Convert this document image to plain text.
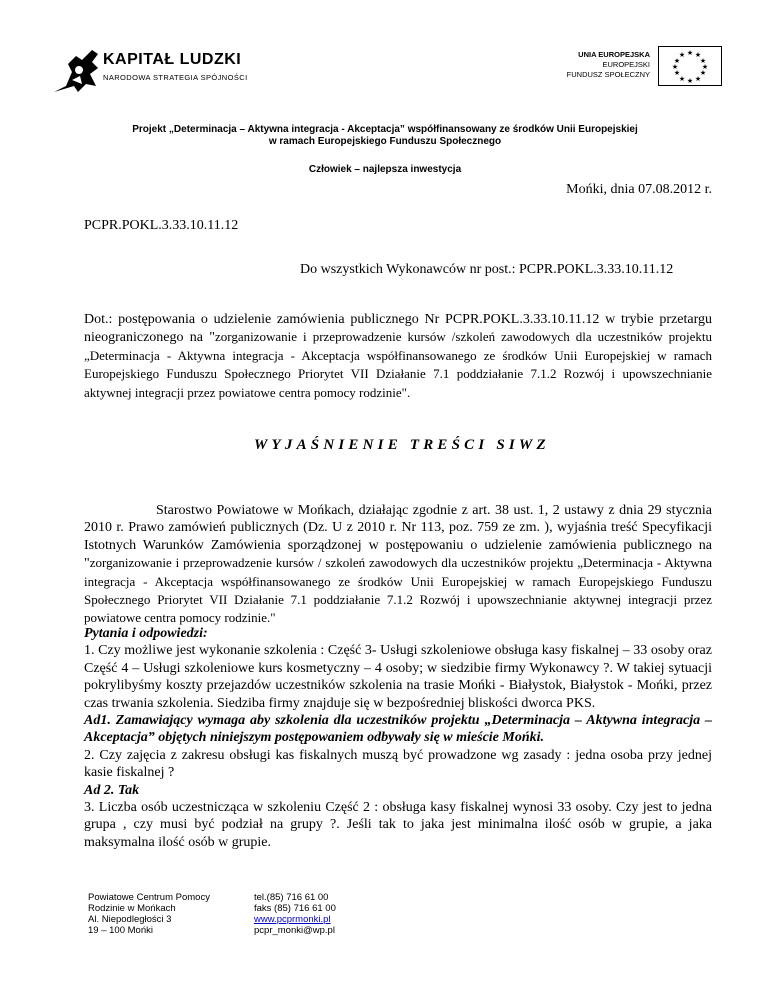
KAPITAŁ LUDZKI
NARODOWA STRATEGIA SPÓJNOŚCI
UNIA EUROPEJSKA
EUROPEJSKI
FUNDUSZ SPOŁECZNY
★ ★
★
★
★
★
★
★
★
★
★
★
Projekt „Determinacja – Aktywna integracja - Akceptacja” współfinansowany ze środków Unii Europejskiej
w ramach Europejskiego Funduszu Społecznego
Człowiek – najlepsza inwestycja
Mońki, dnia 07.08.2012 r.
PCPR.POKL.3.33.10.11.12
Do wszystkich Wykonawców nr post.: PCPR.POKL.3.33.10.11.12
Dot.: postępowania o udzielenie zamówienia publicznego Nr PCPR.POKL.3.33.10.11.12 w trybie przetargu nieograniczonego na "zorganizowanie i przeprowadzenie kursów /szkoleń zawodowych dla uczestników projektu „Determinacja - Aktywna integracja - Akceptacja współfinansowanego ze środków Unii Europejskiej w ramach Europejskiego Funduszu Społecznego Priorytet VII Działanie 7.1 poddziałanie 7.1.2 Rozwój i upowszechnianie aktywnej integracji przez powiatowe centra pomocy rodzinie".
WYJAŚNIENIE TREŚCI SIWZ
Starostwo Powiatowe w Mońkach, działając zgodnie z art. 38 ust. 1, 2 ustawy z dnia 29 stycznia 2010 r. Prawo zamówień publicznych (Dz. U z 2010 r. Nr 113, poz. 759 ze zm. ), wyjaśnia treść Specyfikacji Istotnych Warunków Zamówienia sporządzonej w postępowaniu o udzielenie zamówienia publicznego na "zorganizowanie i przeprowadzenie kursów / szkoleń zawodowych dla uczestników projektu „Determinacja - Aktywna integracja - Akceptacja współfinansowanego ze środków Unii Europejskiej w ramach Europejskiego Funduszu Społecznego Priorytet VII Działanie 7.1 poddziałanie 7.1.2 Rozwój i upowszechnianie aktywnej integracji przez powiatowe centra pomocy rodzinie."
Pytania i odpowiedzi:
1. Czy możliwe jest wykonanie szkolenia : Część 3- Usługi szkoleniowe obsługa kasy fiskalnej – 33 osoby oraz Część 4 – Usługi szkoleniowe kurs kosmetyczny – 4 osoby; w siedzibie firmy Wykonawcy ?. W takiej sytuacji pokrylibyśmy koszty przejazdów uczestników szkolenia na trasie Mońki - Białystok, Białystok - Mońki, przez czas trwania szkolenia. Siedziba firmy znajduje się w bezpośredniej bliskości dworca PKS.
Ad1. Zamawiający wymaga aby szkolenia dla uczestników projektu „Determinacja – Aktywna integracja – Akceptacja” objętych niniejszym postępowaniem odbywały się w mieście Mońki.
2. Czy zajęcia z zakresu obsługi kas fiskalnych muszą być prowadzone wg zasady : jedna osoba przy jednej kasie fiskalnej ?
Ad 2. Tak
3. Liczba osób uczestnicząca w szkoleniu Część 2 : obsługa kasy fiskalnej wynosi 33 osoby. Czy jest to jedna grupa , czy musi być podział na grupy ?. Jeśli tak to jaka jest minimalna ilość osób w grupie, a jaka maksymalna ilość osób w grupie.
Powiatowe Centrum Pomocy
Rodzinie w Mońkach
Al. Niepodległości 3
19 – 100 Mońki
tel.(85) 716 61 00
faks (85) 716 61 00
www.pcprmonki.pl
pcpr_monki@wp.pl
